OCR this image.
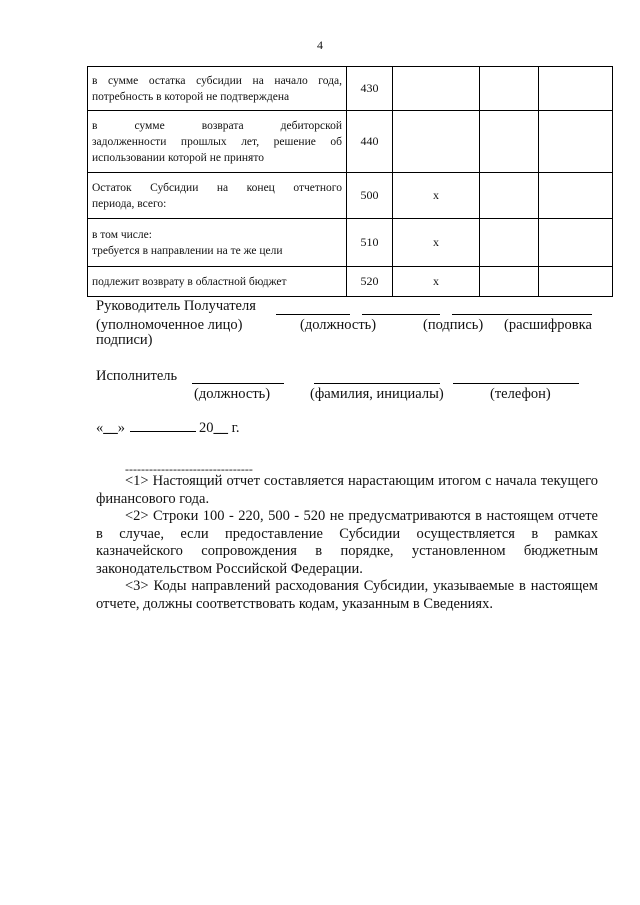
4
в сумме остатка субсидии на начало года,
потребность в которой не подтверждена	430			

в сумме возврата дебиторской
задолженности прошлых лет, решение об
использовании которой не принято	440			

Остаток Субсидии на конец отчетного
периода, всего:	500	x		

в том числе:
требуется в направлении на те же цели	510	x		

подлежит возврату в областной бюджет	520	x		
Руководитель Получателя
(уполномоченное лицо)	(должность)	(подпись) (расшифровка
подписи)
Исполнитель
(должность)	(фамилия, инициалы)	(телефон)
«__»	20__ г.
--------------------------------

<1> Настоящий отчет составляется нарастающим итогом с начала текущего финансового года.

<2> Строки 100 - 220, 500 - 520 не предусматриваются в настоящем отчете в случае, если предоставление Субсидии осуществляется в рамках казначейского сопровождения в порядке, установленном бюджетным законодательством Российской Федерации.

<3> Коды направлений расходования Субсидии, указываемые в настоящем отчете, должны соответствовать кодам, указанным в Сведениях.
